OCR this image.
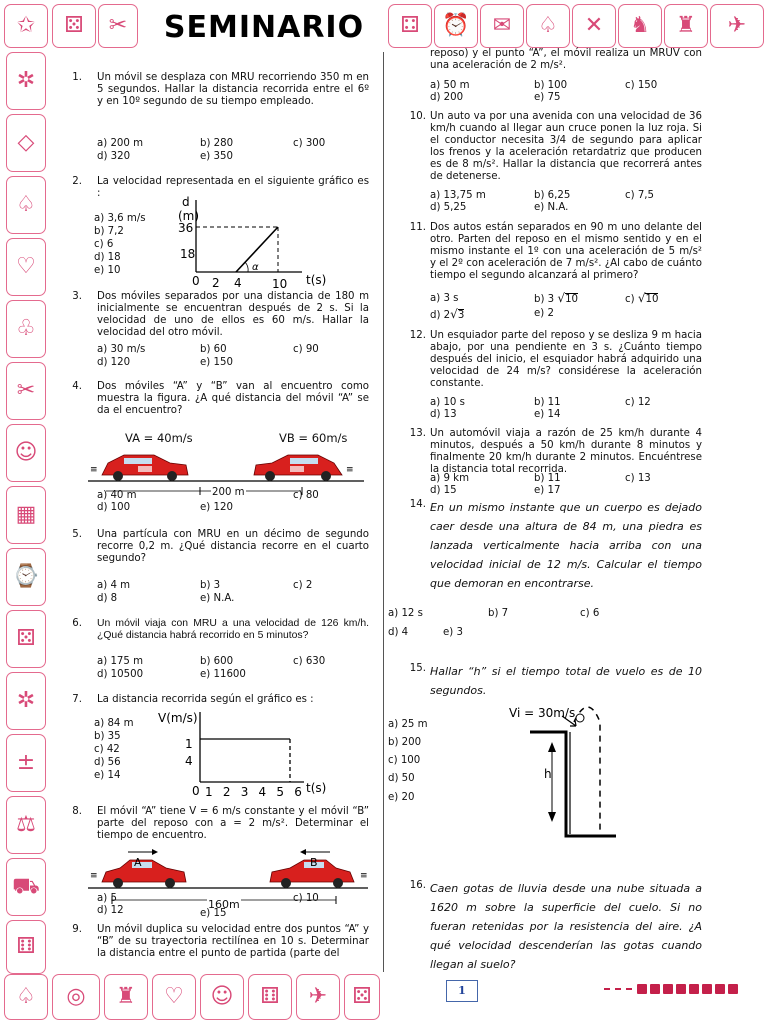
✩	⚄	✂	SEMINARIO	⚃	⏰	✉	♤	✕	♞	♜	✈
✲
◇
♤
♡
♧
✂
☺
▦
⌚
⚄
✲
±
⚖
⛟
⚅
♤	◎	♜	♡	☺	⚅	✈	⚄
1. Un móvil se desplaza con MRU recorriendo 350 m en 5 segundos. Hallar la distancia recorrida entre el 6º y en 10º segundo de su tiempo empleado.
a) 200 m	b) 280	c) 300
d) 320	e) 350
2. La velocidad representada en el siguiente gráfico es :
a) 3,6 m/s
b) 7,2
c) 6
d) 18
e) 10
d
(m)
36
18
0 2 4	10 t(s)
α
3. Dos móviles separados por una distancia de 180 m inicialmente se encuentran después de 2 s. Si la velocidad de uno de ellos es 60 m/s. Hallar la velocidad del otro móvil.
a) 30 m/s	b) 60	c) 90
d) 120	e) 150
4. Dos móviles “A” y “B” van al encuentro como muestra la figura. ¿A qué distancia del móvil “A” se da el encuentro?
VA = 40m/s	VB = 60m/s
≡	≡
200 m
a) 40 m	c) 80
d) 100	e) 120
5. Una partícula con MRU en un décimo de segundo recorre 0,2 m. ¿Qué distancia recorre en el cuarto segundo?
a) 4 m	b) 3	c) 2
d) 8	e) N.A.
6. Un móvil viaja con MRU a una velocidad de 126 km/h. ¿Qué distancia habrá recorrido en 5 minutos?
a) 175 m	b) 600	c) 630
d) 10500	e) 11600
7. La distancia recorrida según el gráfico es :
a) 84 m
b) 35
c) 42
d) 56
e) 14
V(m/s)
1
4
0 1 2 3 4 5 6 t(s)
8. El móvil “A” tiene V = 6 m/s constante y el móvil “B” parte del reposo con a = 2 m/s². Determinar el tiempo de encuentro.
≡	≡
A	B
160m
a) 5	c) 10
d) 12	e) 15
9. Un móvil duplica su velocidad entre dos puntos “A” y “B” de su trayectoria rectilínea en 10 s. Determinar la distancia entre el punto de partida (parte del
reposo) y el punto “A”, el móvil realiza un MRUV con una aceleración de 2 m/s².
a) 50 m	b) 100	c) 150
d) 200	e) 75
10. Un auto va por una avenida con una velocidad de 36 km/h cuando al llegar aun cruce ponen la luz roja. Si el conductor necesita 3/4 de segundo para aplicar los frenos y la aceleración retardatriz que producen es de 8 m/s². Hallar la distancia que recorrerá antes de detenerse.
a) 13,75 m	b) 6,25	c) 7,5
d) 5,25	e) N.A.
11. Dos autos están separados en 90 m uno delante del otro. Parten del reposo en el mismo sentido y en el mismo instante el 1º con una aceleración de 5 m/s² y el 2º con aceleración de 7 m/s². ¿Al cabo de cuánto tiempo el segundo alcanzará al primero?
a) 3 s	b) 3 √10	c) √10
d) 2√3	e) 2
12. Un esquiador parte del reposo y se desliza 9 m hacia abajo, por una pendiente en 3 s. ¿Cuánto tiempo después del inicio, el esquiador habrá adquirido una velocidad de 24 m/s? considérese la aceleración constante.
a) 10 s	b) 11	c) 12
d) 13	e) 14
13. Un automóvil viaja a razón de 25 km/h durante 4 minutos, después a 50 km/h durante 8 minutos y finalmente 20 km/h durante 2 minutos. Encuéntrese la distancia total recorrida.
a) 9 km	b) 11	c) 13
d) 15	e) 17
14. En un mismo instante que un cuerpo es dejado caer desde una altura de 84 m, una piedra es lanzada verticalmente hacia arriba con una velocidad inicial de 12 m/s. Calcular el tiempo que demoran en encontrarse.
a) 12 s	b) 7	c) 6
d) 4	e) 3
15. Hallar “h” si el tiempo total de vuelo es de 10 segundos.
a) 25 m
b) 200
c) 100
d) 50
e) 20
Vi = 30m/s
h
16. Caen gotas de lluvia desde una nube situada a 1620 m sobre la superficie del cuelo. Si no fueran retenidas por la resistencia del aire. ¿A qué velocidad descenderían las gotas cuando llegan al suelo?
1
